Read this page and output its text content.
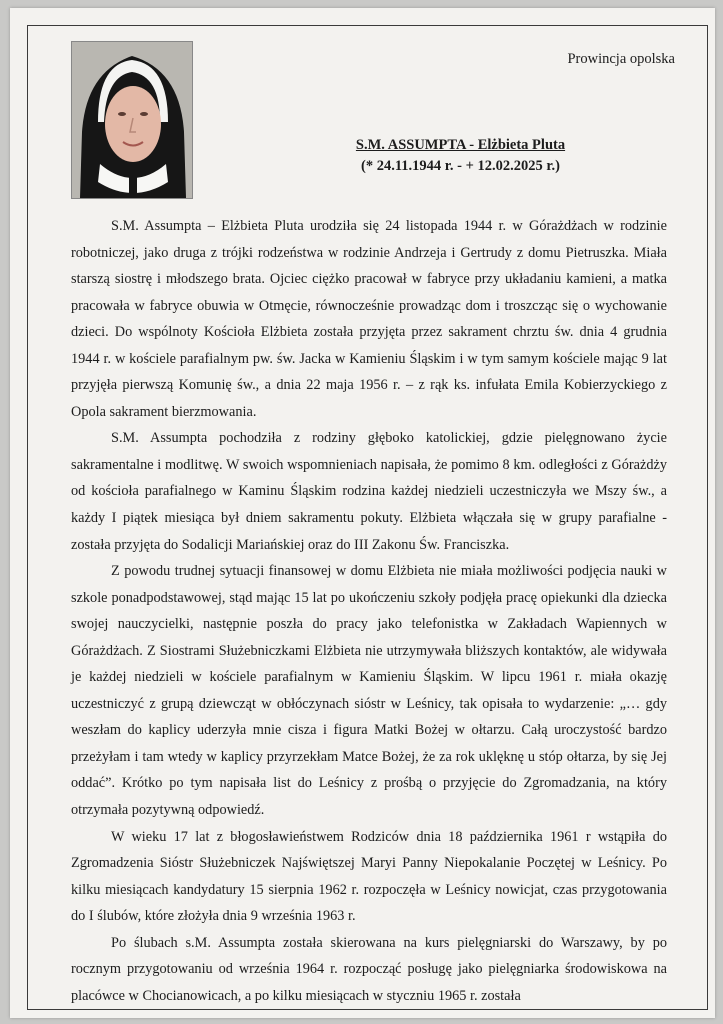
Prowincja opolska
S.M. ASSUMPTA - Elżbieta Pluta
(* 24.11.1944 r. - + 12.02.2025 r.)

S.M. Assumpta – Elżbieta Pluta urodziła się 24 listopada 1944 r. w Górażdżach w rodzinie robotniczej, jako druga z trójki rodzeństwa w rodzinie Andrzeja i Gertrudy z domu Pietruszka. Miała starszą siostrę i młodszego brata. Ojciec ciężko pracował w fabryce przy układaniu kamieni, a matka pracowała w fabryce obuwia w Otmęcie, równocześnie prowadząc dom i troszcząc się o wychowanie dzieci. Do wspólnoty Kościoła Elżbieta została przyjęta przez sakrament chrztu św. dnia 4 grudnia 1944 r. w kościele parafialnym pw. św. Jacka w Kamieniu Śląskim i w tym samym kościele mając 9 lat przyjęła pierwszą Komunię św., a dnia 22 maja 1956 r. – z rąk ks. infułata Emila Kobierzyckiego z Opola sakrament bierzmowania.

S.M. Assumpta pochodziła z rodziny głęboko katolickiej, gdzie pielęgnowano życie sakramentalne i modlitwę. W swoich wspomnieniach napisała, że pomimo 8 km. odległości z Górażdży od kościoła parafialnego w Kaminu Śląskim rodzina każdej niedzieli uczestniczyła we Mszy św., a każdy I piątek miesiąca był dniem sakramentu pokuty. Elżbieta włączała się w grupy parafialne - została przyjęta do Sodalicji Mariańskiej oraz do III Zakonu Św. Franciszka.

Z powodu trudnej sytuacji finansowej w domu Elżbieta nie miała możliwości podjęcia nauki w szkole ponadpodstawowej, stąd mając 15 lat po ukończeniu szkoły podjęła pracę opiekunki dla dziecka swojej nauczycielki, następnie poszła do pracy jako telefonistka w Zakładach Wapiennych w Górażdżach. Z Siostrami Służebniczkami Elżbieta nie utrzymywała bliższych kontaktów, ale widywała je każdej niedzieli w kościele parafialnym w Kamieniu Śląskim. W lipcu 1961 r. miała okazję uczestniczyć z grupą dziewcząt w obłóczynach sióstr w Leśnicy, tak opisała to wydarzenie: „… gdy weszłam do kaplicy uderzyła mnie cisza i figura Matki Bożej w ołtarzu. Całą uroczystość bardzo przeżyłam i tam wtedy w kaplicy przyrzekłam Matce Bożej, że za rok uklęknę u stóp ołtarza, by się Jej oddać”. Krótko po tym napisała list do Leśnicy z prośbą o przyjęcie do Zgromadzania, na który otrzymała pozytywną odpowiedź.

W wieku 17 lat z błogosławieństwem Rodziców dnia 18 października 1961 r wstąpiła do Zgromadzenia Sióstr Służebniczek Najświętszej Maryi Panny Niepokalanie Poczętej w Leśnicy. Po kilku miesiącach kandydatury 15 sierpnia 1962 r. rozpoczęła w Leśnicy nowicjat, czas przygotowania do I ślubów, które złożyła dnia 9 września 1963 r.

Po ślubach s.M. Assumpta została skierowana na kurs pielęgniarski do Warszawy, by po rocznym przygotowaniu od września 1964 r. rozpocząć posługę jako pielęgniarka środowiskowa na placówce w Chocianowicach, a po kilku miesiącach w styczniu 1965 r. została
